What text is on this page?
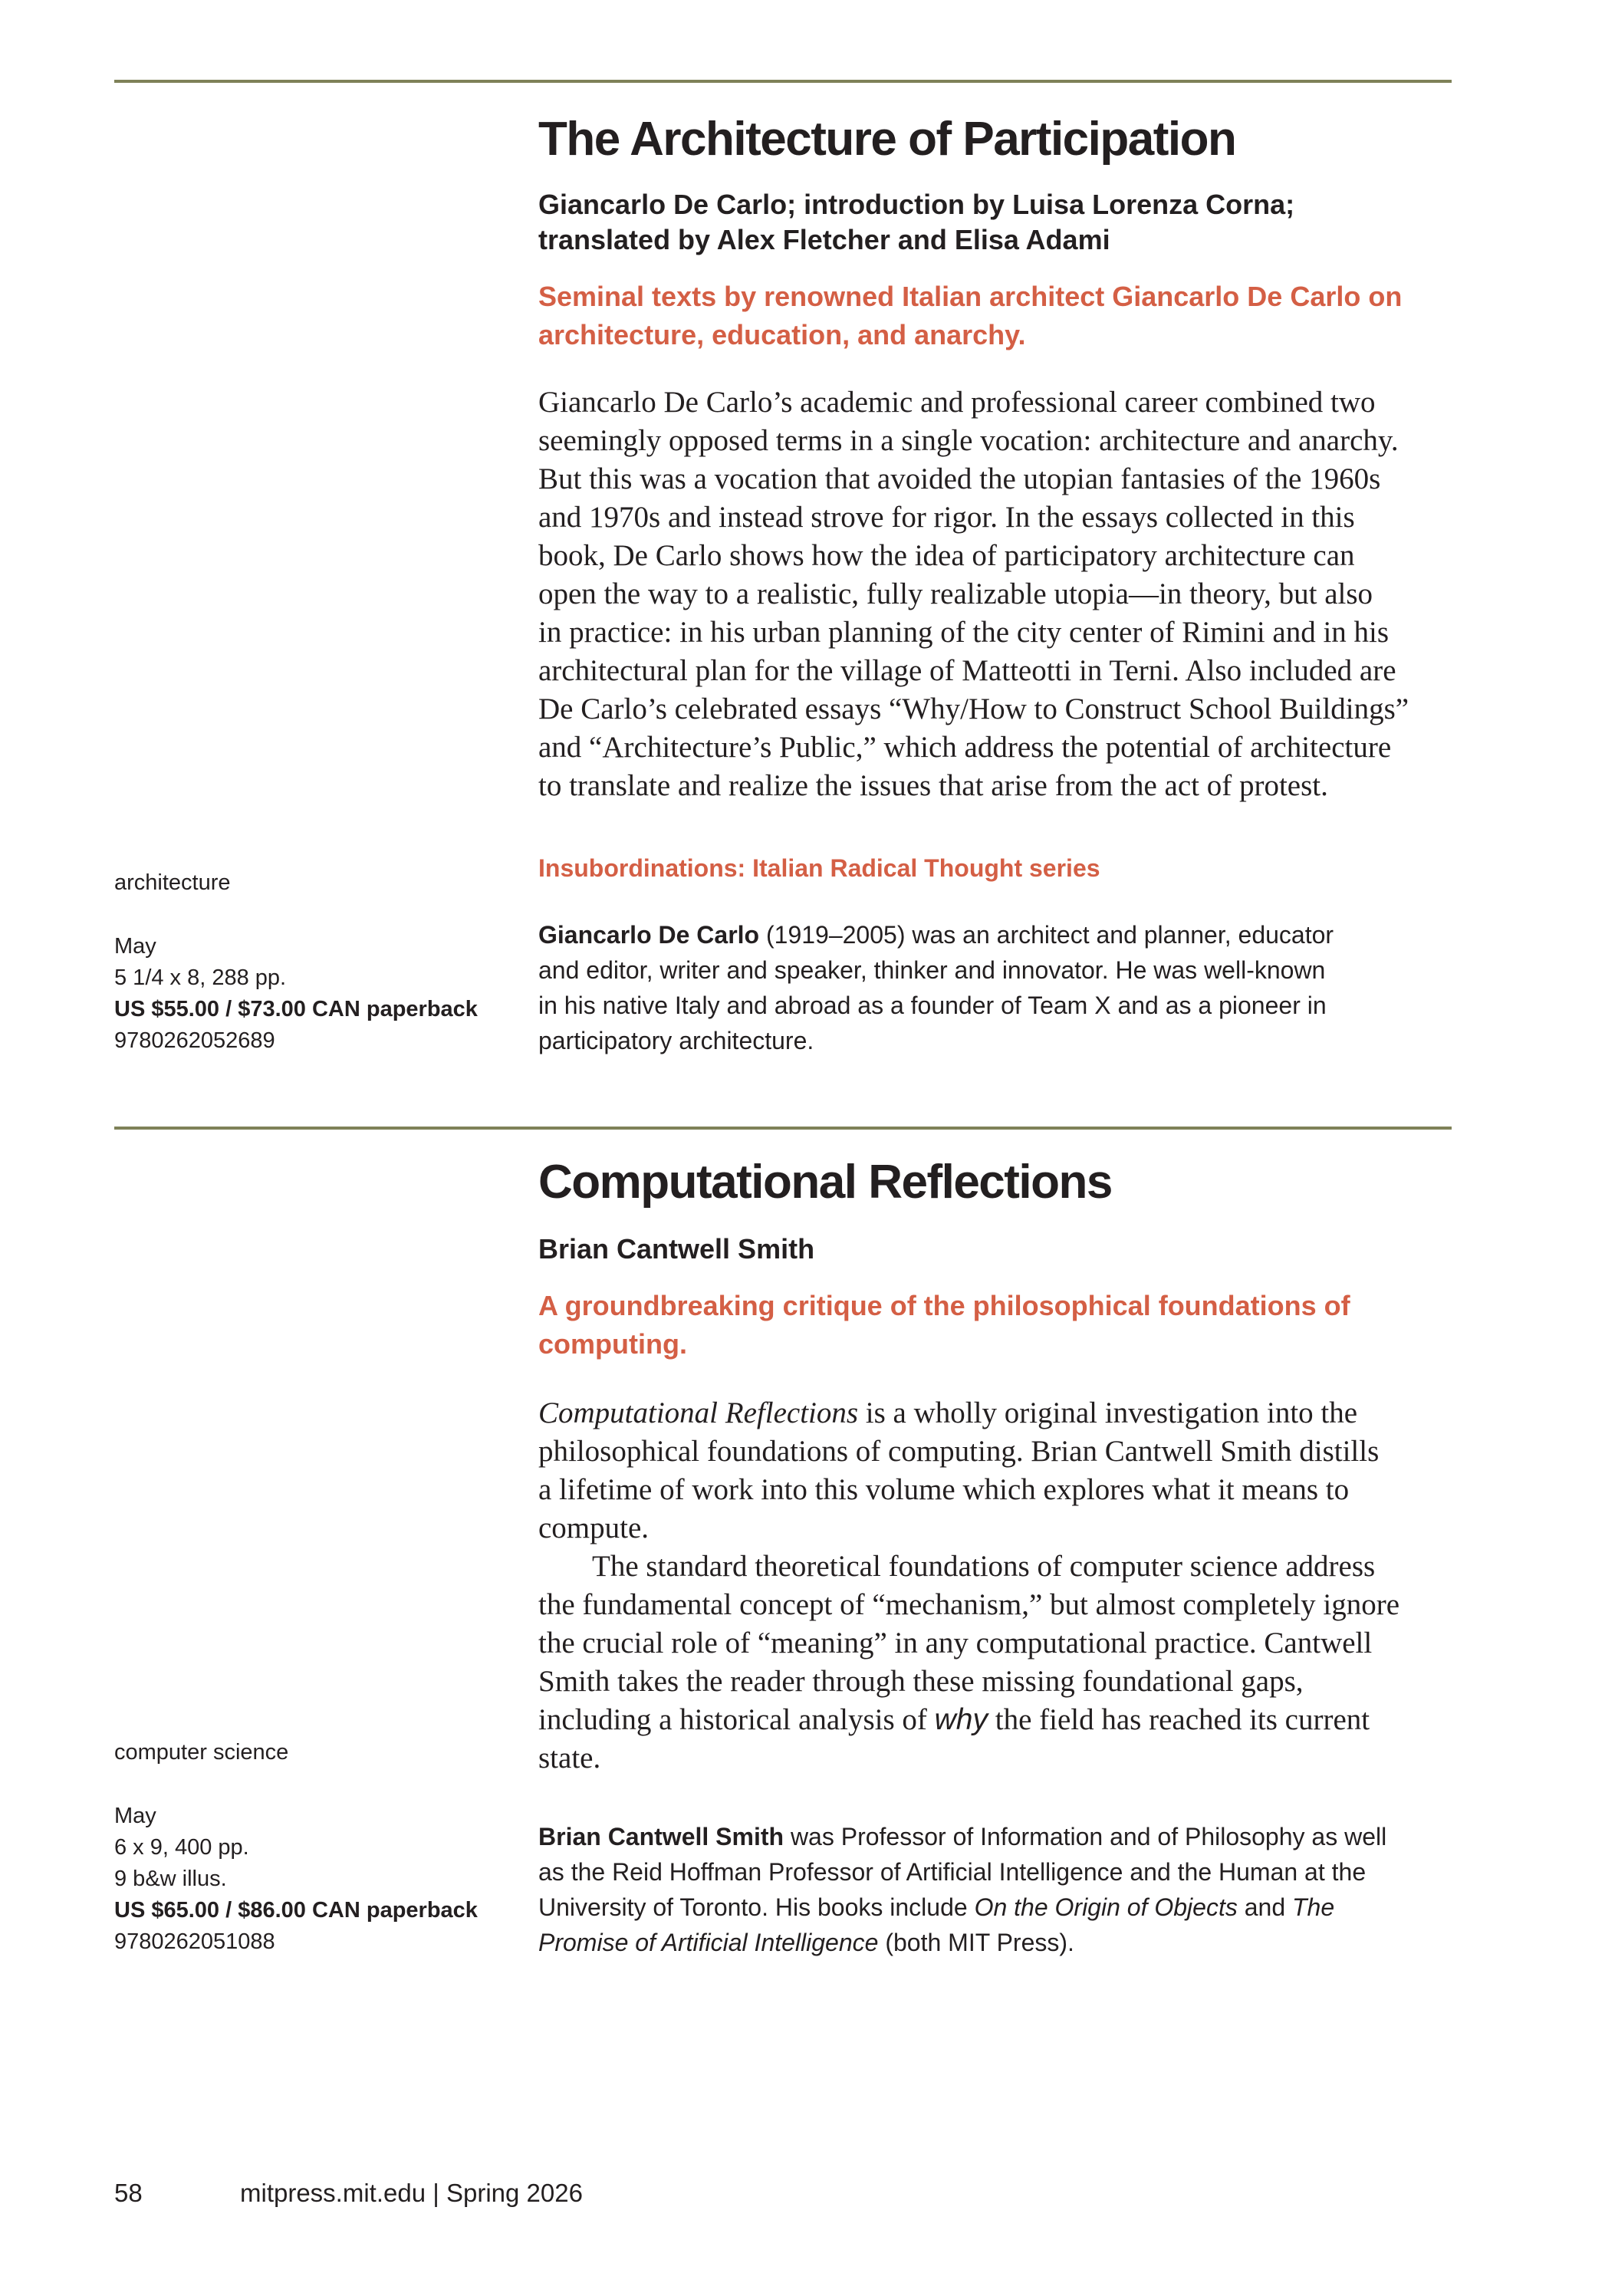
The Architecture of Participation

Giancarlo De Carlo; introduction by Luisa Lorenza Corna;
translated by Alex Fletcher and Elisa Adami

Seminal texts by renowned Italian architect Giancarlo De Carlo on
architecture, education, and anarchy.

Giancarlo De Carlo’s academic and professional career combined two
seemingly opposed terms in a single vocation: architecture and anarchy.
But this was a vocation that avoided the utopian fantasies of the 1960s
and 1970s and instead strove for rigor. In the essays collected in this
book, De Carlo shows how the idea of participatory architecture can
open the way to a realistic, fully realizable utopia—in theory, but also
in practice: in his urban planning of the city center of Rimini and in his
architectural plan for the village of Matteotti in Terni. Also included are
De Carlo’s celebrated essays “Why/How to Construct School Buildings”
and “Architecture’s Public,” which address the potential of architecture
to translate and realize the issues that arise from the act of protest.

Insubordinations: Italian Radical Thought series

Giancarlo De Carlo (1919–2005) was an architect and planner, educator
and editor, writer and speaker, thinker and innovator. He was well-known
in his native Italy and abroad as a founder of Team X and as a pioneer in
participatory architecture.

architecture
May
5 1/4 x 8, 288 pp.
US $55.00 / $73.00 CAN paperback
9780262052689
Computational Reflections

Brian Cantwell Smith

A groundbreaking critique of the philosophical foundations of
computing.

Computational Reflections is a wholly original investigation into the
philosophical foundations of computing. Brian Cantwell Smith distills
a lifetime of work into this volume which explores what it means to
compute.

The standard theoretical foundations of computer science address
the fundamental concept of “mechanism,” but almost completely ignore
the crucial role of “meaning” in any computational practice. Cantwell
Smith takes the reader through these missing foundational gaps,
including a historical analysis of why the field has reached its current
state.

Brian Cantwell Smith was Professor of Information and of Philosophy as well
as the Reid Hoffman Professor of Artificial Intelligence and the Human at the
University of Toronto. His books include On the Origin of Objects and The
Promise of Artificial Intelligence (both MIT Press).

computer science
May
6 x 9, 400 pp.
9 b&w illus.
US $65.00 / $86.00 CAN paperback
9780262051088
58	mitpress.mit.edu | Spring 2026
